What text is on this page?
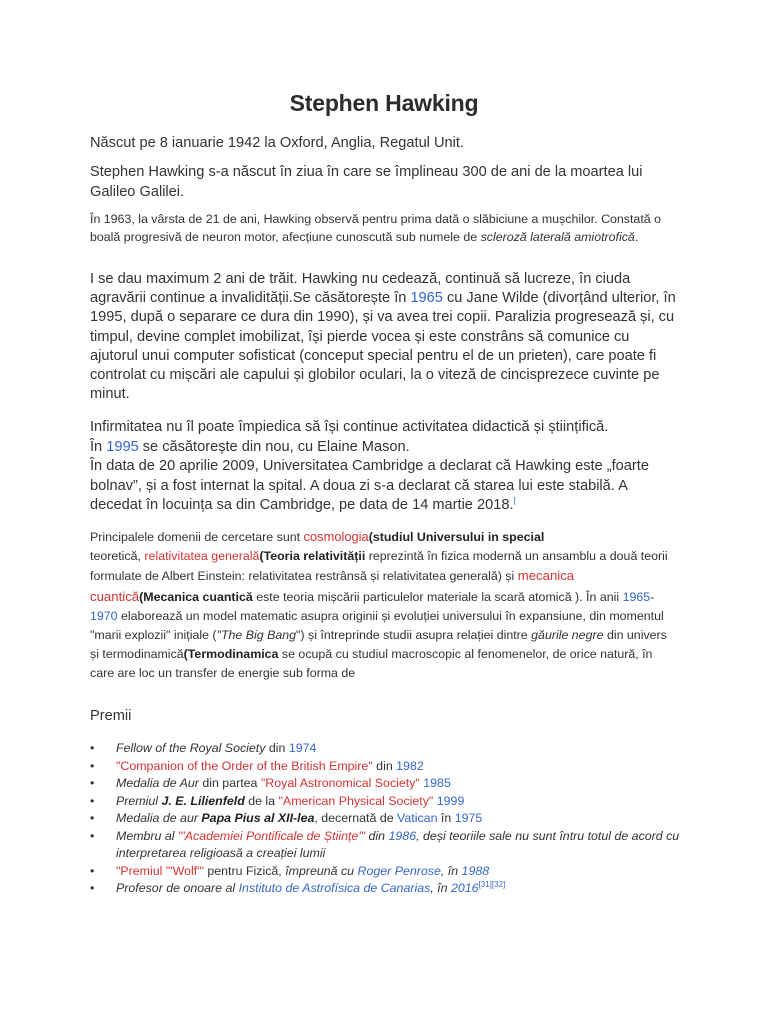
Stephen Hawking

Născut pe 8 ianuarie 1942 la Oxford, Anglia, Regatul Unit.

Stephen Hawking s-a născut în ziua în care se împlineau 300 de ani de la moartea lui Galileo Galilei.

În 1963, la vârsta de 21 de ani, Hawking observă pentru prima dată o slăbiciune a mușchilor. Constată o boală progresivă de neuron motor, afecțiune cunoscută sub numele de scleroză laterală amiotrofică.

I se dau maximum 2 ani de trăit. Hawking nu cedează, continuă să lucreze, în ciuda agravării continue a invalidității.Se căsătorește în 1965 cu Jane Wilde (divorțând ulterior, în 1995, după o separare ce dura din 1990), și va avea trei copii. Paralizia progresează și, cu timpul, devine complet imobilizat, își pierde vocea și este constrâns să comunice cu ajutorul unui computer sofisticat (conceput special pentru el de un prieten), care poate fi controlat cu mișcări ale capului și globilor oculari, la o viteză de cincisprezece cuvinte pe minut.

Infirmitatea nu îl poate împiedica să își continue activitatea didactică și științifică.
În 1995 se căsătorește din nou, cu Elaine Mason.
În data de 20 aprilie 2009, Universitatea Cambridge a declarat că Hawking este „foarte bolnav”, și a fost internat la spital. A doua zi s-a declarat că starea lui este stabilă. A decedat în locuința sa din Cambridge, pe data de 14 martie 2018.[

Principalele domenii de cercetare sunt cosmologia(studiul Universului in special
teoretică, relativitatea generală(Teoria relativității reprezintă în fizica modernă un ansamblu a două teorii formulate de Albert Einstein: relativitatea restrânsă și relativitatea generală) și mecanica cuantică(Mecanica cuantică este teoria mișcării particulelor materiale la scară atomică ). În anii 1965-1970 elaborează un model matematic asupra originii și evoluției universului în expansiune, din momentul "marii explozii" inițiale ("The Big Bang") și întreprinde studii asupra relației dintre găurile negre din univers și termodinamică(Termodinamica se ocupă cu studiul macroscopic al fenomenelor, de orice natură, în care are loc un transfer de energie sub forma de

Premii

• Fellow of the Royal Society din 1974
• "Companion of the Order of the British Empire" din 1982
• Medalia de Aur din partea "Royal Astronomical Society" 1985
• Premiul J. E. Lilienfeld de la "American Physical Society" 1999
• Medalia de aur Papa Pius al XII-lea, decernată de Vatican în 1975
• Membru al "'Academiei Pontificale de Științe'" din 1986, deși teoriile sale nu sunt întru totul de acord cu interpretarea religioasă a creației lumii
• "Premiul "'Wolf'" pentru Fizică, împreună cu Roger Penrose, în 1988
• Profesor de onoare al Instituto de Astrofísica de Canarias, în 2016[31][32]
